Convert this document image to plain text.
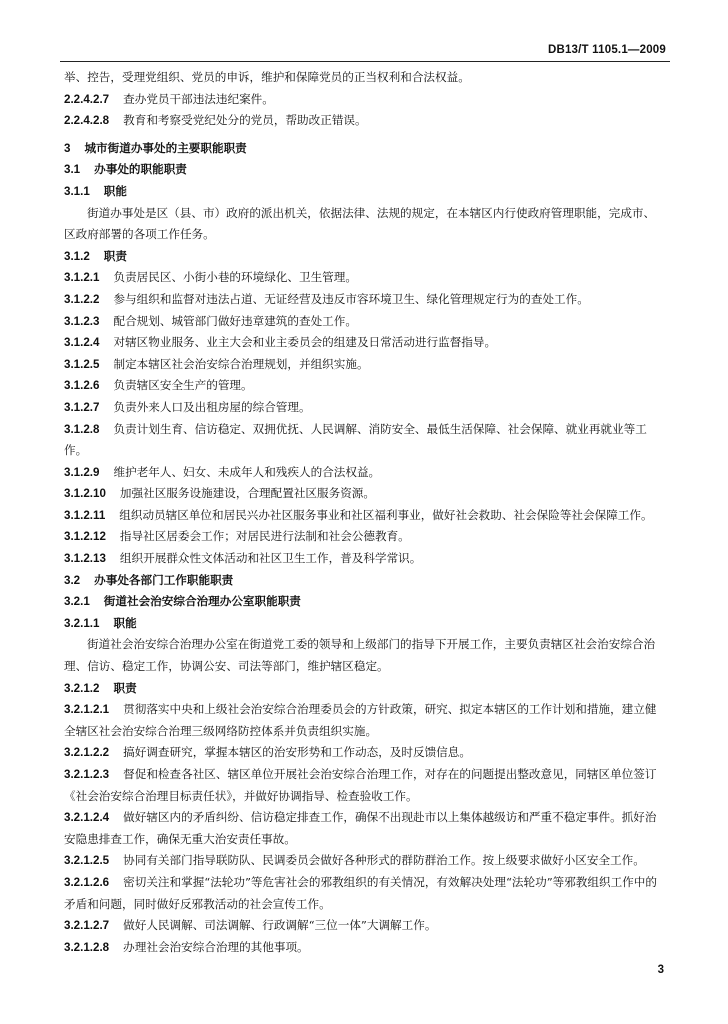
DB13/T 1105.1—2009
举、控告，受理党组织、党员的申诉，维护和保障党员的正当权利和合法权益。
2.2.4.2.7 查办党员干部违法违纪案件。
2.2.4.2.8 教育和考察受党纪处分的党员，帮助改正错误。
3 城市街道办事处的主要职能职责
3.1 办事处的职能职责
3.1.1 职能
街道办事处是区（县、市）政府的派出机关，依据法律、法规的规定，在本辖区内行使政府管理职能，完成市、区政府部署的各项工作任务。
3.1.2 职责
3.1.2.1 负责居民区、小街小巷的环境绿化、卫生管理。
3.1.2.2 参与组织和监督对违法占道、无证经营及违反市容环境卫生、绿化管理规定行为的查处工作。
3.1.2.3 配合规划、城管部门做好违章建筑的查处工作。
3.1.2.4 对辖区物业服务、业主大会和业主委员会的组建及日常活动进行监督指导。
3.1.2.5 制定本辖区社会治安综合治理规划，并组织实施。
3.1.2.6 负责辖区安全生产的管理。
3.1.2.7 负责外来人口及出租房屋的综合管理。
3.1.2.8 负责计划生育、信访稳定、双拥优抚、人民调解、消防安全、最低生活保障、社会保障、就业再就业等工作。
3.1.2.9 维护老年人、妇女、未成年人和残疾人的合法权益。
3.1.2.10 加强社区服务设施建设，合理配置社区服务资源。
3.1.2.11 组织动员辖区单位和居民兴办社区服务事业和社区福利事业，做好社会救助、社会保险等社会保障工作。
3.1.2.12 指导社区居委会工作；对居民进行法制和社会公德教育。
3.1.2.13 组织开展群众性文体活动和社区卫生工作，普及科学常识。
3.2 办事处各部门工作职能职责
3.2.1 街道社会治安综合治理办公室职能职责
3.2.1.1 职能
街道社会治安综合治理办公室在街道党工委的领导和上级部门的指导下开展工作，主要负责辖区社会治安综合治理、信访、稳定工作，协调公安、司法等部门，维护辖区稳定。
3.2.1.2 职责
3.2.1.2.1 贯彻落实中央和上级社会治安综合治理委员会的方针政策，研究、拟定本辖区的工作计划和措施，建立健全辖区社会治安综合治理三级网络防控体系并负责组织实施。
3.2.1.2.2 搞好调查研究，掌握本辖区的治安形势和工作动态，及时反馈信息。
3.2.1.2.3 督促和检查各社区、辖区单位开展社会治安综合治理工作，对存在的问题提出整改意见，同辖区单位签订《社会治安综合治理目标责任状》，并做好协调指导、检查验收工作。
3.2.1.2.4 做好辖区内的矛盾纠纷、信访稳定排查工作，确保不出现赴市以上集体越级访和严重不稳定事件。抓好治安隐患排查工作，确保无重大治安责任事故。
3.2.1.2.5 协同有关部门指导联防队、民调委员会做好各种形式的群防群治工作。按上级要求做好小区安全工作。
3.2.1.2.6 密切关注和掌握“法轮功”等危害社会的邪教组织的有关情况，有效解决处理“法轮功”等邪教组织工作中的矛盾和问题，同时做好反邪教活动的社会宣传工作。
3.2.1.2.7 做好人民调解、司法调解、行政调解“三位一体”大调解工作。
3.2.1.2.8 办理社会治安综合治理的其他事项。
3
